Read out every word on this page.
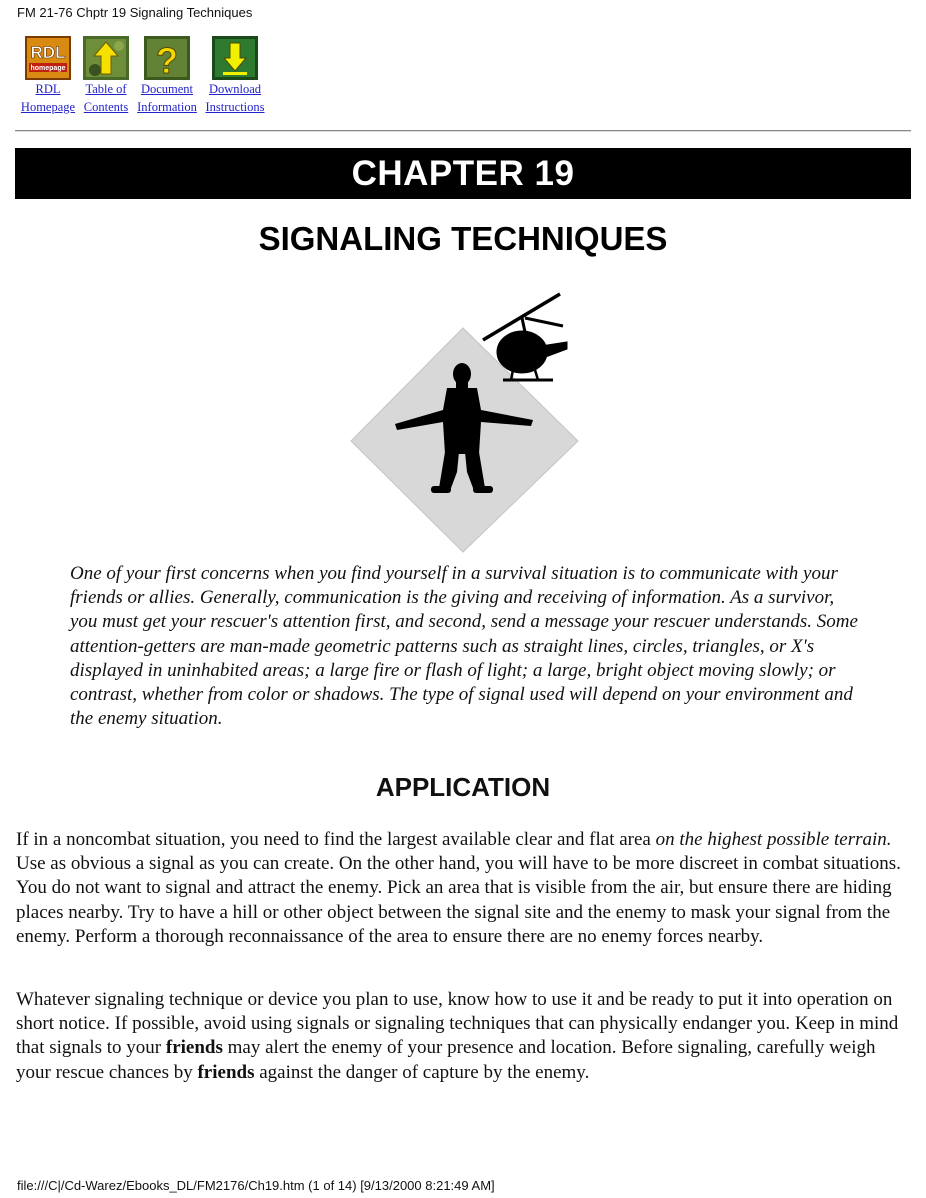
FM 21-76 Chptr 19 Signaling Techniques
RDL
homepage
RDL
Homepage
Table of
Contents
?
Document
Information
Download
Instructions
CHAPTER 19
SIGNALING TECHNIQUES

One of your first concerns when you find yourself in a survival situation is to communicate with your friends or allies. Generally, communication is the giving and receiving of information. As a survivor, you must get your rescuer's attention first, and second, send a message your rescuer understands. Some attention-getters are man-made geometric patterns such as straight lines, circles, triangles, or X's displayed in uninhabited areas; a large fire or flash of light; a large, bright object moving slowly; or contrast, whether from color or shadows. The type of signal used will depend on your environment and the enemy situation.

APPLICATION

If in a noncombat situation, you need to find the largest available clear and flat area on the highest possible terrain. Use as obvious a signal as you can create. On the other hand, you will have to be more discreet in combat situations. You do not want to signal and attract the enemy. Pick an area that is visible from the air, but ensure there are hiding places nearby. Try to have a hill or other object between the signal site and the enemy to mask your signal from the enemy. Perform a thorough reconnaissance of the area to ensure there are no enemy forces nearby.

Whatever signaling technique or device you plan to use, know how to use it and be ready to put it into operation on short notice. If possible, avoid using signals or signaling techniques that can physically endanger you. Keep in mind that signals to your friends may alert the enemy of your presence and location. Before signaling, carefully weigh your rescue chances by friends against the danger of capture by the enemy.

file:///C|/Cd-Warez/Ebooks_DL/FM2176/Ch19.htm (1 of 14) [9/13/2000 8:21:49 AM]
